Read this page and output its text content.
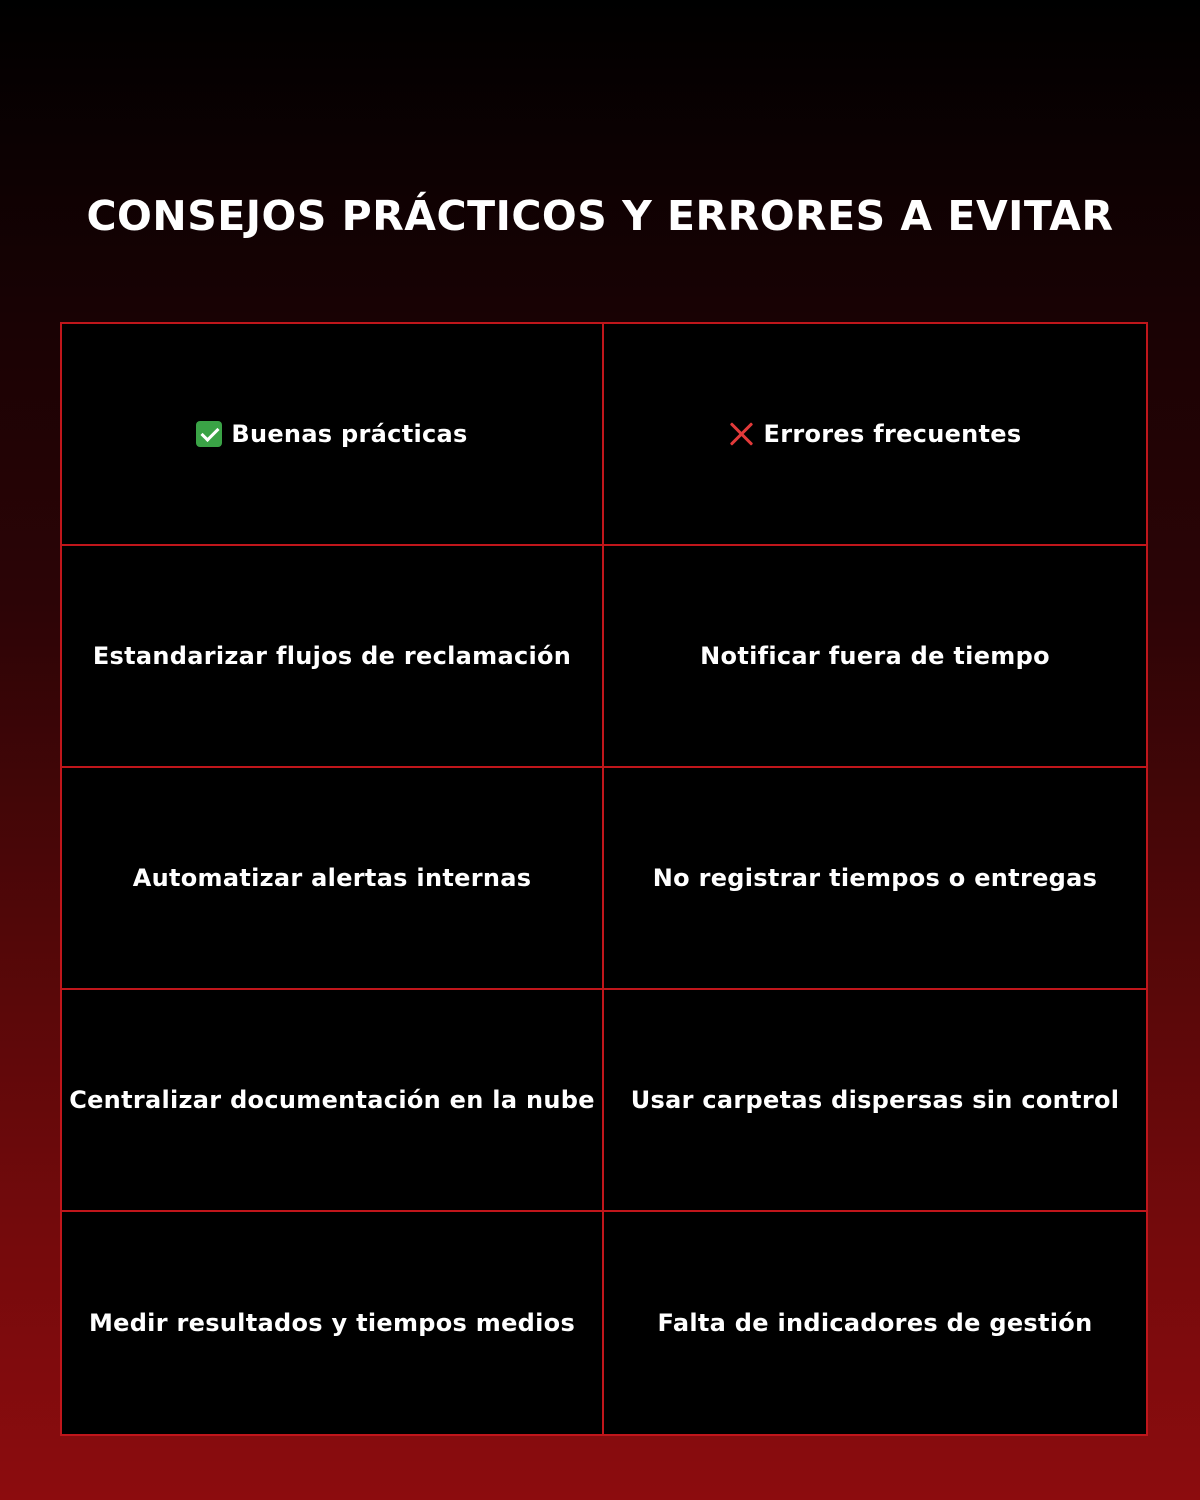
CONSEJOS PRÁCTICOS Y ERRORES A EVITAR
Buenas prácticas	Errores frecuentes
Estandarizar flujos de reclamación	Notificar fuera de tiempo
Automatizar alertas internas	No registrar tiempos o entregas
Centralizar documentación en la nube	Usar carpetas dispersas sin control
Medir resultados y tiempos medios	Falta de indicadores de gestión
